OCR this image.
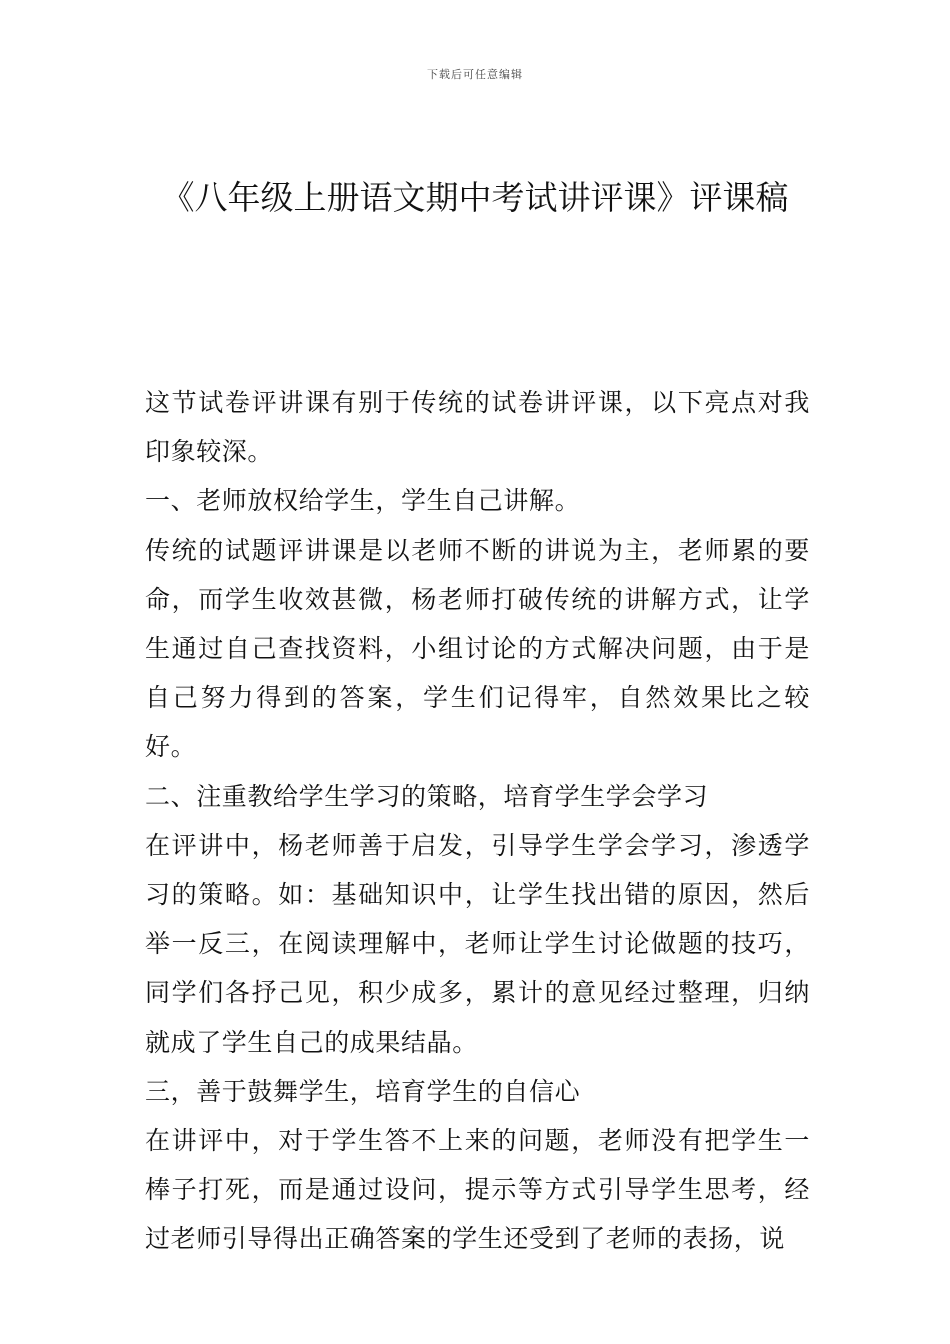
下载后可任意编辑
《八年级上册语文期中考试讲评课》评课稿

这节试卷评讲课有别于传统的试卷讲评课，以下亮点对我印象较深。

一、老师放权给学生，学生自己讲解。

传统的试题评讲课是以老师不断的讲说为主，老师累的要命，而学生收效甚微，杨老师打破传统的讲解方式，让学生通过自己查找资料，小组讨论的方式解决问题，由于是自己努力得到的答案，学生们记得牢，自然效果比之较好。

二、注重教给学生学习的策略，培育学生学会学习

在评讲中，杨老师善于启发，引导学生学会学习，渗透学习的策略。如：基础知识中，让学生找出错的原因，然后举一反三，在阅读理解中，老师让学生讨论做题的技巧，同学们各抒己见，积少成多，累计的意见经过整理，归纳就成了学生自己的成果结晶。

三，善于鼓舞学生，培育学生的自信心

在讲评中，对于学生答不上来的问题，老师没有把学生一棒子打死，而是通过设问，提示等方式引导学生思考，经过老师引导得出正确答案的学生还受到了老师的表扬，说
